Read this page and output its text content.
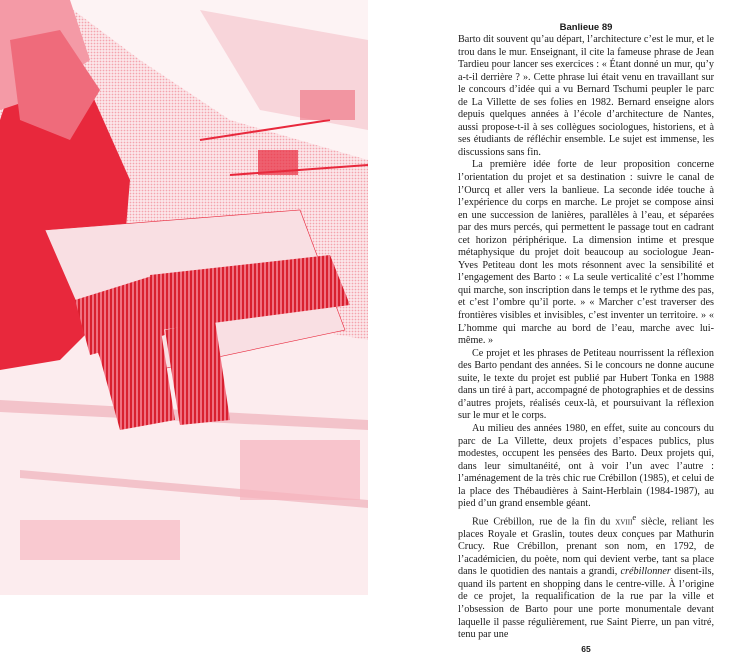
Banlieue 89

Barto dit souvent qu’au départ, l’architecture c’est le mur, et le trou dans le mur. Enseignant, il cite la fameuse phrase de Jean Tardieu pour lancer ses exercices : « Étant donné un mur, qu’y a-t-il derrière ? ». Cette phrase lui était venu en travaillant sur le concours d’idée qui a vu Bernard Tschumi peupler le parc de La Villette de ses folies en 1982. Bernard enseigne alors depuis quelques années à l’école d’architecture de Nantes, aussi propose-t-il à ses collègues sociologues, historiens, et à ses étudiants de réfléchir ensemble. Le sujet est immense, les discussions sans fin.

La première idée forte de leur proposition concerne l’orientation du projet et sa destination : suivre le canal de l’Ourcq et aller vers la banlieue. La seconde idée touche à l’expérience du corps en marche. Le projet se compose ainsi en une succession de lanières, parallèles à l’eau, et séparées par des murs percés, qui permettent le passage tout en cadrant cet horizon périphérique. La dimension intime et presque métaphysique du projet doit beaucoup au sociologue Jean-Yves Petiteau dont les mots résonnent avec la sensibilité et l’engagement des Barto : « La seule verticalité c’est l’homme qui marche, son inscription dans le temps et le rythme des pas, et c’est l’ombre qu’il porte. » « Marcher c’est traverser des frontières visibles et invisibles, c’est inventer un territoire. » « L’homme qui marche au bord de l’eau, marche avec lui-même. »

Ce projet et les phrases de Petiteau nourrissent la réflexion des Barto pendant des années. Si le concours ne donne aucune suite, le texte du projet est publié par Hubert Tonka en 1988 dans un tiré à part, accompagné de photographies et de dessins d’autres projets, réalisés ceux-là, et poursuivant la réflexion sur le mur et le corps.

Au milieu des années 1980, en effet, suite au concours du parc de La Villette, deux projets d’espaces publics, plus modestes, occupent les pensées des Barto. Deux projets qui, dans leur simultanéité, ont à voir l’un avec l’autre : l’aménagement de la très chic rue Crébillon (1985), et celui de la place des Thébaudières à Saint-Herblain (1984-1987), au pied d’un grand ensemble géant.

Rue Crébillon, rue de la fin du xviii$^e$ siècle, reliant les places Royale et Graslin, toutes deux conçues par Mathurin Crucy. Rue Crébillon, prenant son nom, en 1792, de l’académicien, du poète, nom qui devient verbe, tant sa place dans le quotidien des nantais a grandi, crébillonner disent-ils, quand ils partent en shopping dans le centre-ville. À l’origine de ce projet, la requalification de la rue par la ville et l’obsession de Barto pour une porte monumentale devant laquelle il passe régulièrement, rue Saint Pierre, un pan vitré, tenu par une

65
